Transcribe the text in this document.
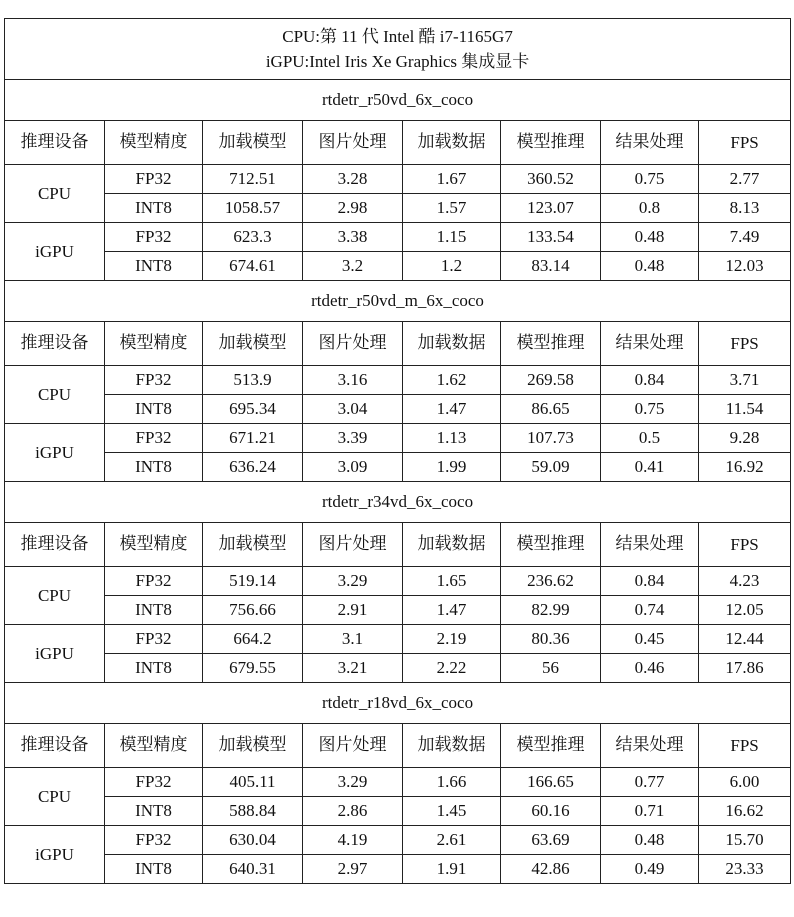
CPU:第 11 代 Intel 酷 i7-1165G7
iGPU:Intel Iris Xe Graphics 集成显卡							

rtdetr_r50vd_6x_coco							
推理设备	模型精度	加载模型	图片处理	加载数据	模型推理	结果处理	FPS
CPU	FP32	712.51	3.28	1.67	360.52	0.75	2.77
	INT8	1058.57	2.98	1.57	123.07	0.8	8.13
iGPU	FP32	623.3	3.38	1.15	133.54	0.48	7.49
	INT8	674.61	3.2	1.2	83.14	0.48	12.03
rtdetr_r50vd_m_6x_coco							
推理设备	模型精度	加载模型	图片处理	加载数据	模型推理	结果处理	FPS
CPU	FP32	513.9	3.16	1.62	269.58	0.84	3.71
	INT8	695.34	3.04	1.47	86.65	0.75	11.54
iGPU	FP32	671.21	3.39	1.13	107.73	0.5	9.28
	INT8	636.24	3.09	1.99	59.09	0.41	16.92
rtdetr_r34vd_6x_coco							
推理设备	模型精度	加载模型	图片处理	加载数据	模型推理	结果处理	FPS
CPU	FP32	519.14	3.29	1.65	236.62	0.84	4.23
	INT8	756.66	2.91	1.47	82.99	0.74	12.05
iGPU	FP32	664.2	3.1	2.19	80.36	0.45	12.44
	INT8	679.55	3.21	2.22	56	0.46	17.86
rtdetr_r18vd_6x_coco							
推理设备	模型精度	加载模型	图片处理	加载数据	模型推理	结果处理	FPS
CPU	FP32	405.11	3.29	1.66	166.65	0.77	6.00
	INT8	588.84	2.86	1.45	60.16	0.71	16.62
iGPU	FP32	630.04	4.19	2.61	63.69	0.48	15.70
	INT8	640.31	2.97	1.91	42.86	0.49	23.33
